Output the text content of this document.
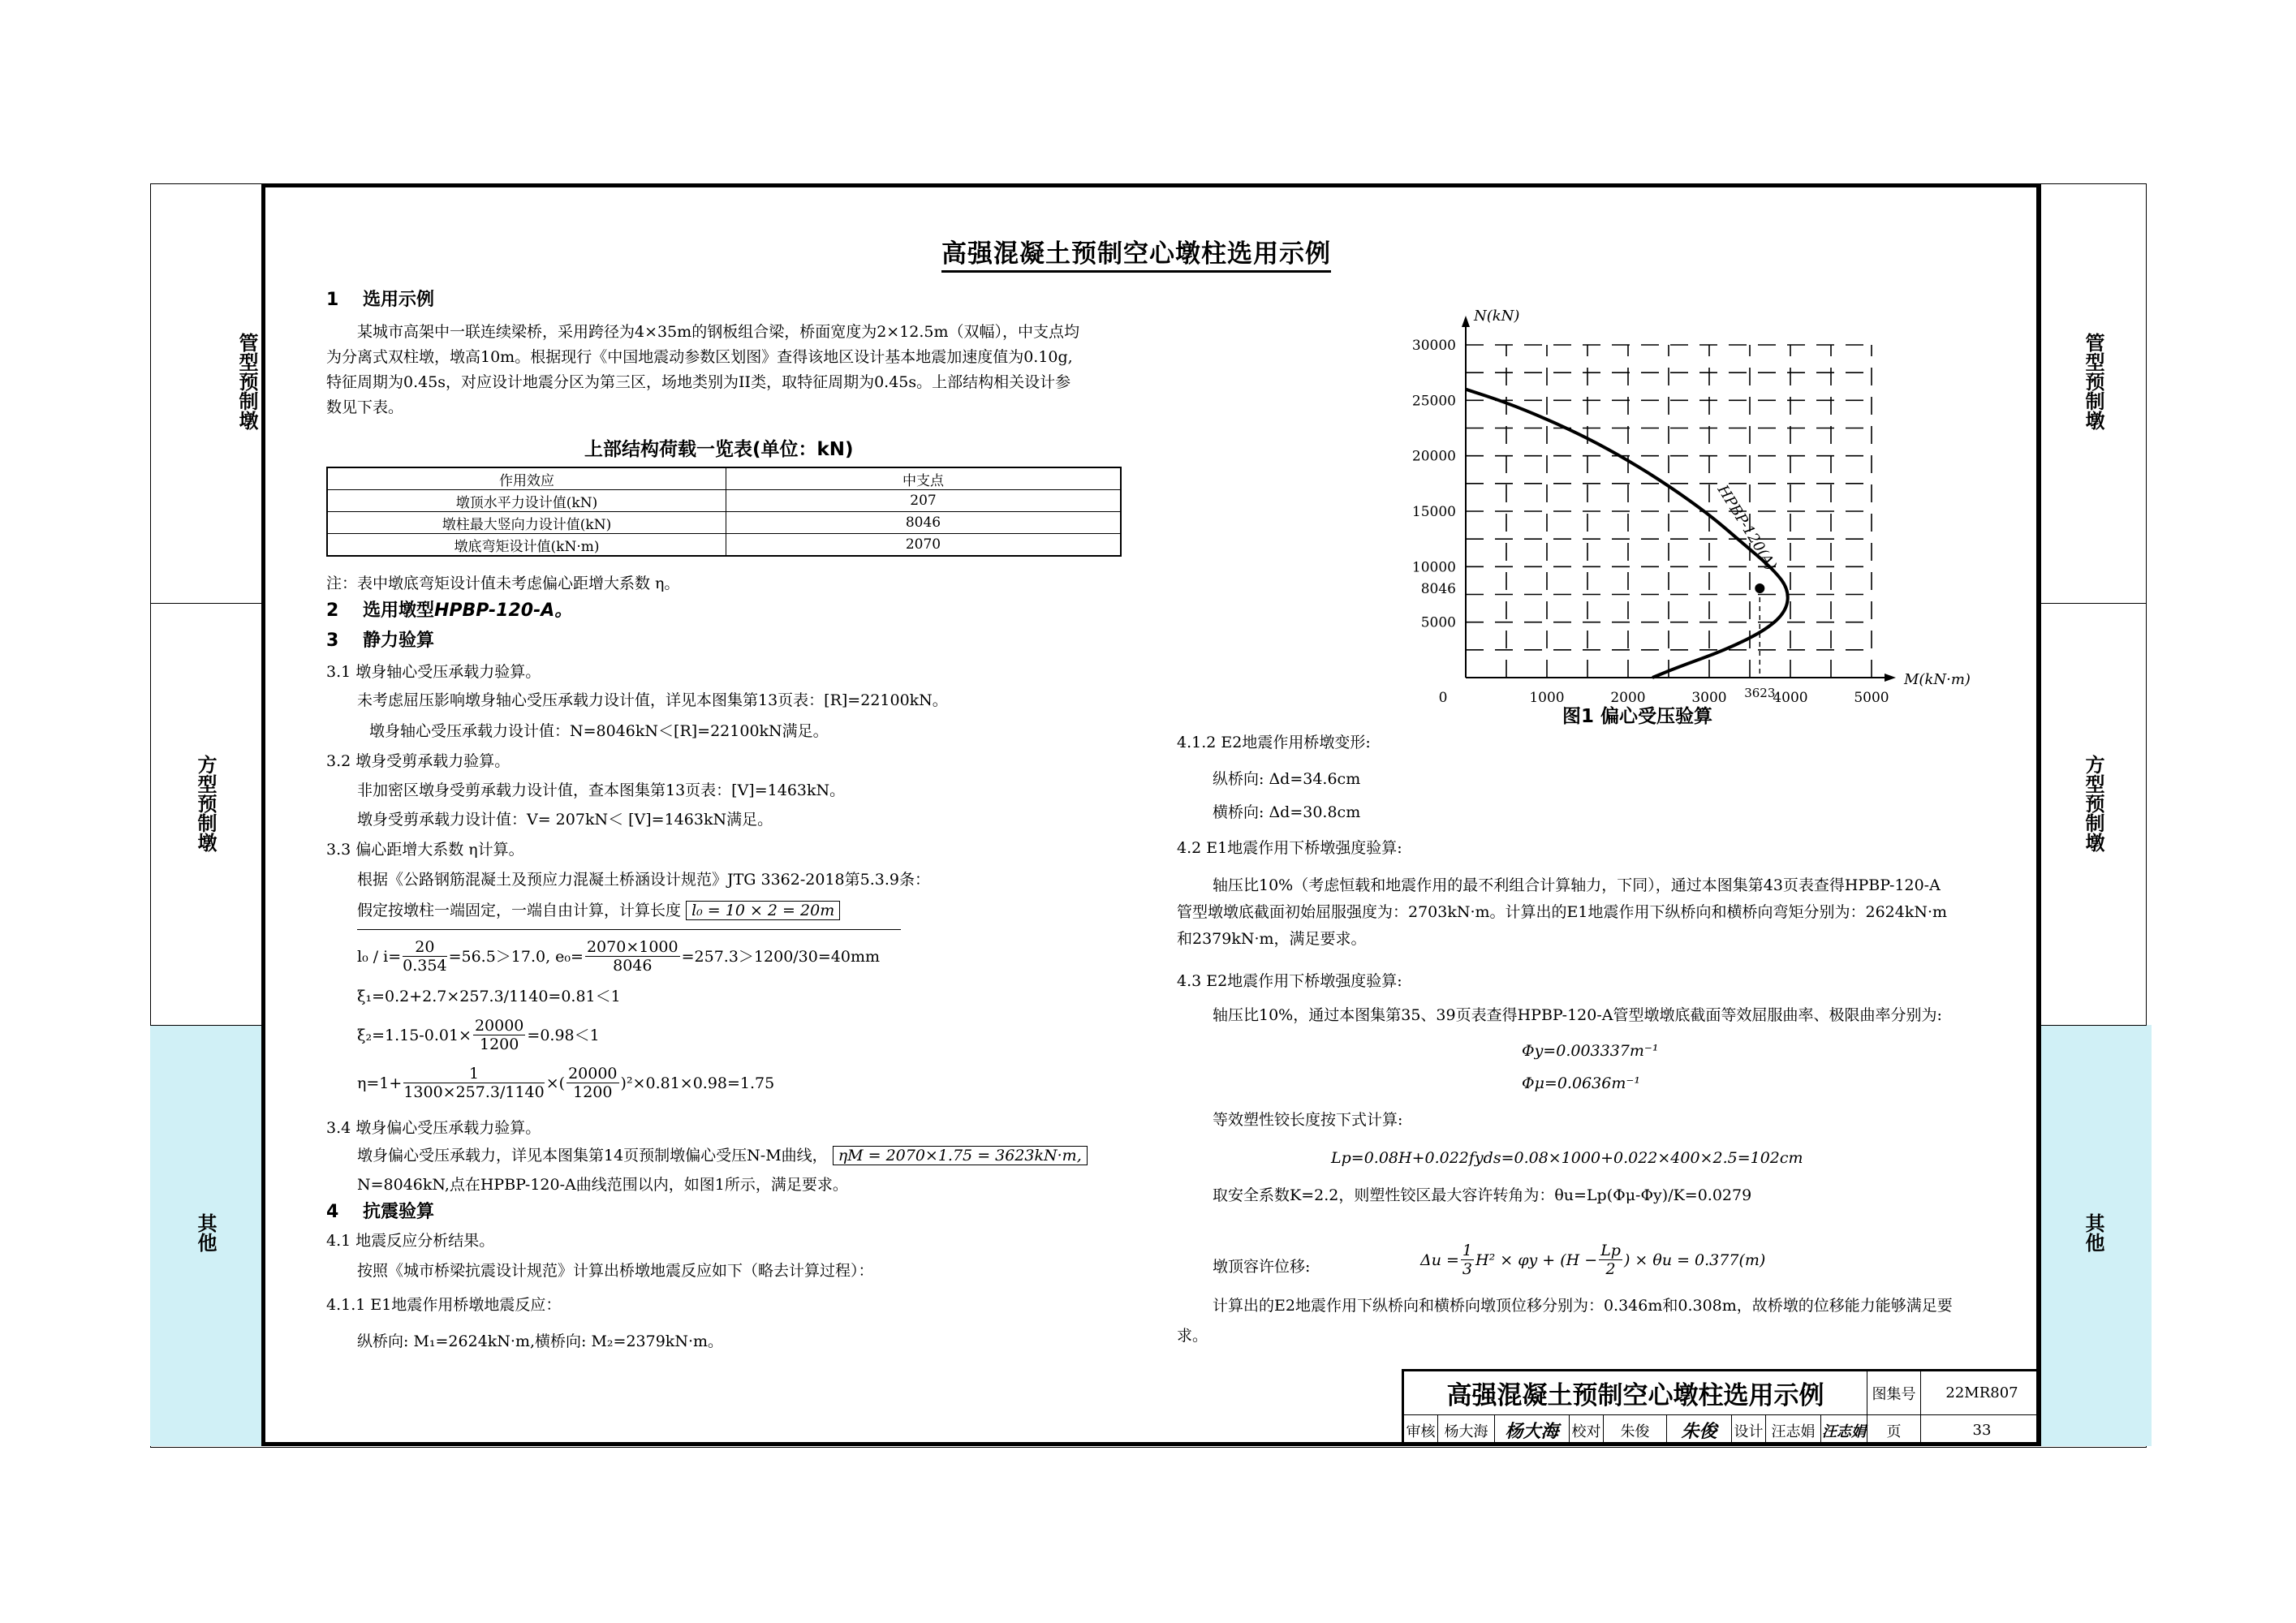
管型预制墩
方型预制墩
其他
管型预制墩
方型预制墩
其他
高强混凝土预制空心墩柱选用示例
1　 选用示例
某城市高架中一联连续梁桥，采用跨径为4×35m的钢板组合梁，桥面宽度为2×12.5m（双幅），中支点均
为分离式双柱墩，墩高10m。根据现行《中国地震动参数区划图》查得该地区设计基本地震加速度值为0.10g,
特征周期为0.45s，对应设计地震分区为第三区，场地类别为II类，取特征周期为0.45s。上部结构相关设计参
数见下表。
上部结构荷载一览表(单位：kN)
作用效应	中支点
墩顶水平力设计值(kN)	207
墩柱最大竖向力设计值(kN)	8046
墩底弯矩设计值(kN·m)	2070
注：表中墩底弯矩设计值未考虑偏心距增大系数 η。
2　 选用墩型HPBP-120-A。
3　 静力验算
3.1 墩身轴心受压承载力验算。
未考虑屈压影响墩身轴心受压承载力设计值，详见本图集第13页表：[R]=22100kN。
墩身轴心受压承载力设计值：N=8046kN＜[R]=22100kN满足。
3.2 墩身受剪承载力验算。
非加密区墩身受剪承载力设计值，查本图集第13页表：[V]=1463kN。
墩身受剪承载力设计值：V= 207kN＜ [V]=1463kN满足。
3.3 偏心距增大系数 η计算。
根据《公路钢筋混凝土及预应力混凝土桥涵设计规范》JTG 3362-2018第5.3.9条：
假定按墩柱一端固定，一端自由计算，计算长度 l₀ = 10 × 2 = 20m
$l_0 / i= \frac{20}{0.354} =56.5>17.0$, $e_0= \frac{2070\times 1000}{8046} =257.3>1200/30=40mm$
ξ₁=0.2+2.7×257.3/1140=0.81＜1
$\xi_2=1.15-0.01\times \frac{20000}{1200} =0.98<1$
$\eta=1+ \frac{1}{1300\times 257.3/1140}$ ×( $\frac{20000}{1200} )^2\times 0.81\times 0.98=1.75$
3.4 墩身偏心受压承载力验算。
墩身偏心受压承载力，详见本图集第14页预制墩偏心受压N-M曲线， ηM = 2070×1.75 = 3623kN·m,
N=8046kN,点在HPBP-120-A曲线范围以内，如图1所示，满足要求。
4　 抗震验算
4.1 地震反应分析结果。
按照《城市桥梁抗震设计规范》计算出桥墩地震反应如下（略去计算过程）：
4.1.1 E1地震作用桥墩地震反应：
纵桥向: M₁=2624kN·m,横桥向: M₂=2379kN·m。
4.1.2 E2地震作用桥墩变形:
纵桥向: Δd=34.6cm
横桥向: Δd=30.8cm
4.2 E1地震作用下桥墩强度验算:
轴压比10%（考虑恒载和地震作用的最不利组合计算轴力，下同），通过本图集第43页表查得HPBP-120-A
管型墩墩底截面初始屈服强度为：2703kN·m。计算出的E1地震作用下纵桥向和横桥向弯矩分别为：2624kN·m
和2379kN·m，满足要求。
4.3 E2地震作用下桥墩强度验算:
轴压比10%，通过本图集第35、39页表查得HPBP-120-A管型墩墩底截面等效屈服曲率、极限曲率分别为:
Φy=0.003337m⁻¹
Φμ=0.0636m⁻¹
等效塑性铰长度按下式计算:
Lp=0.08H+0.022fyds=0.08×1000+0.022×400×2.5=102cm
取安全系数K=2.2，则塑性铰区最大容许转角为：θu=Lp(Φμ-Φy)/K=0.0279
墩顶容许位移:	$\Delta u = \frac{1}{3} H^2 \times \varphi y + (H - \frac{Lp}{2}$ ) × θu = 0.377(m)
计算出的E2地震作用下纵桥向和横桥向墩顶位移分别为：0.346m和0.308m，故桥墩的位移能力能够满足要
求。
0	1000	2000	3000	4000	5000
5000
10000
15000
20000
25000
30000
3623
8046
N(kN)
M(kN·m)
HPBP-120(A)
图1 偏心受压验算
高强混凝土预制空心墩柱选用示例	图集号	22MR807
审核 杨大海 杨大海 校对	朱俊	朱俊	设计 汪志娟 汪志娟	页	33
